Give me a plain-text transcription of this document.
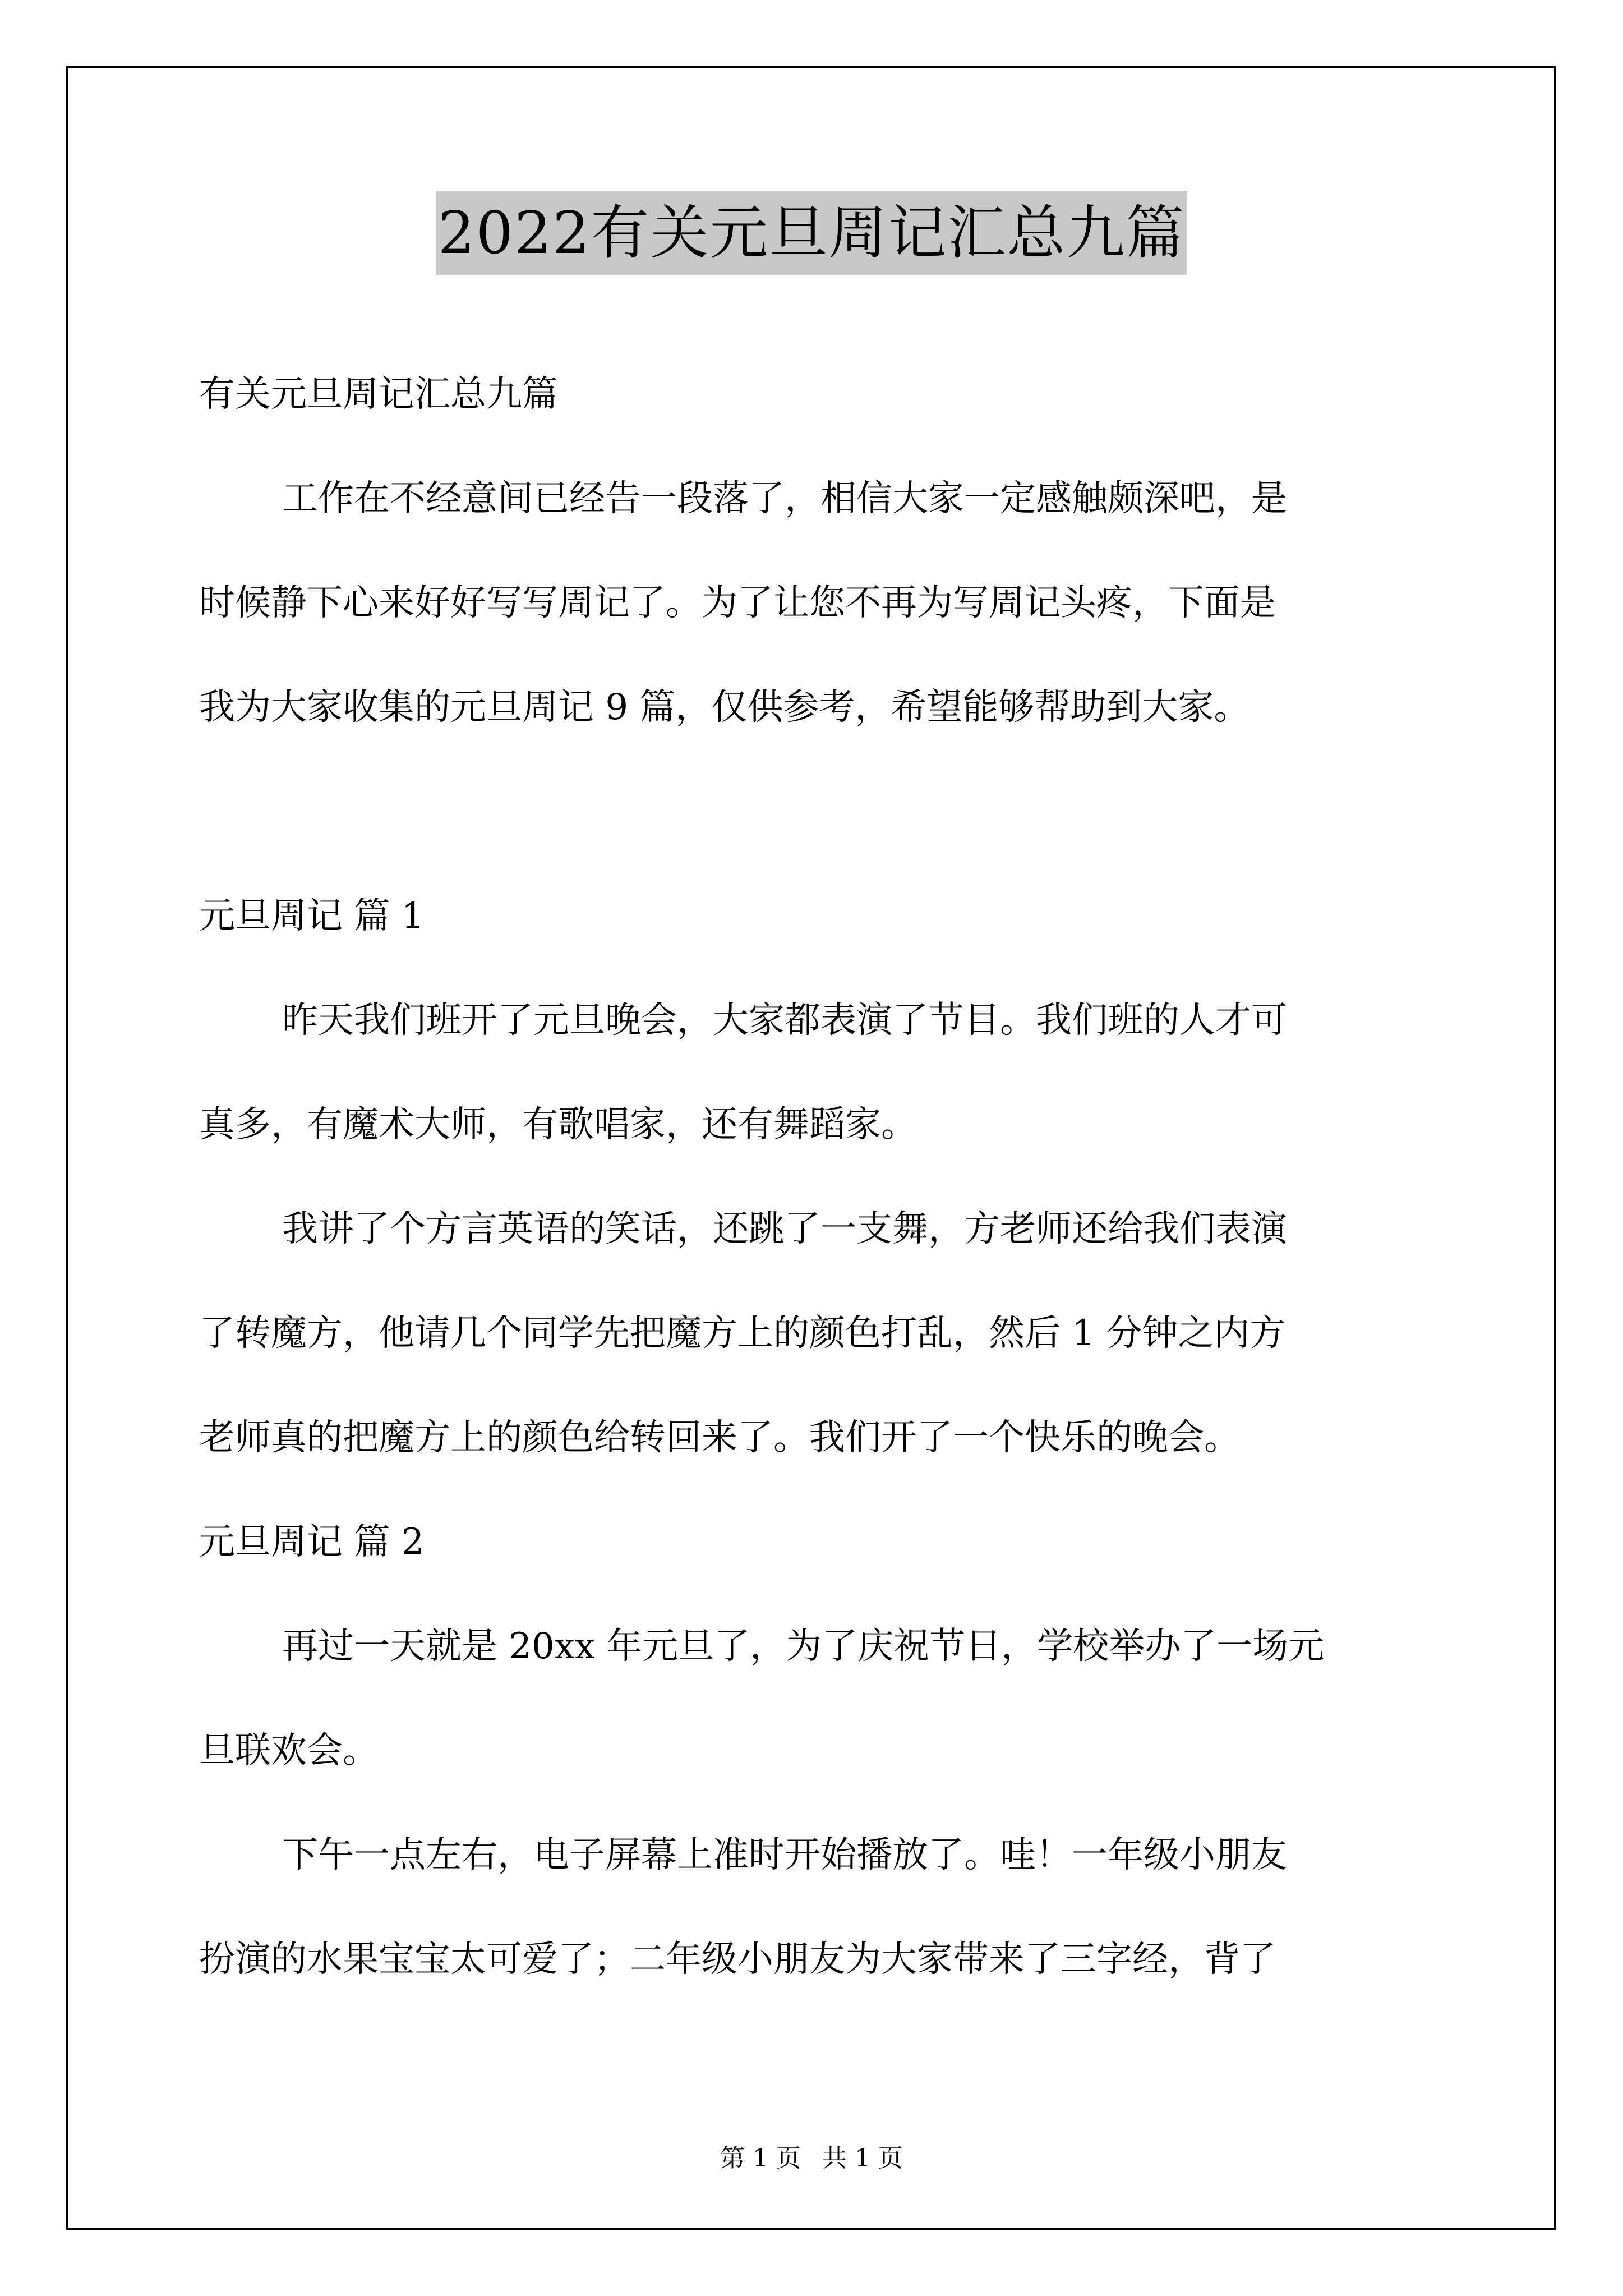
2022有关元旦周记汇总九篇
有关元旦周记汇总九篇
工作在不经意间已经告一段落了，相信大家一定感触颇深吧，是
时候静下心来好好写写周记了。为了让您不再为写周记头疼，下面是
我为大家收集的元旦周记 9 篇，仅供参考，希望能够帮助到大家。
元旦周记 篇 1
昨天我们班开了元旦晚会，大家都表演了节目。我们班的人才可
真多，有魔术大师，有歌唱家，还有舞蹈家。
我讲了个方言英语的笑话，还跳了一支舞，方老师还给我们表演
了转魔方，他请几个同学先把魔方上的颜色打乱，然后 1 分钟之内方
老师真的把魔方上的颜色给转回来了。我们开了一个快乐的晚会。
元旦周记 篇 2
再过一天就是 20xx 年元旦了，为了庆祝节日，学校举办了一场元
旦联欢会。
下午一点左右，电子屏幕上准时开始播放了。哇！一年级小朋友
扮演的水果宝宝太可爱了；二年级小朋友为大家带来了三字经，背了
第 1 页 共 1 页
